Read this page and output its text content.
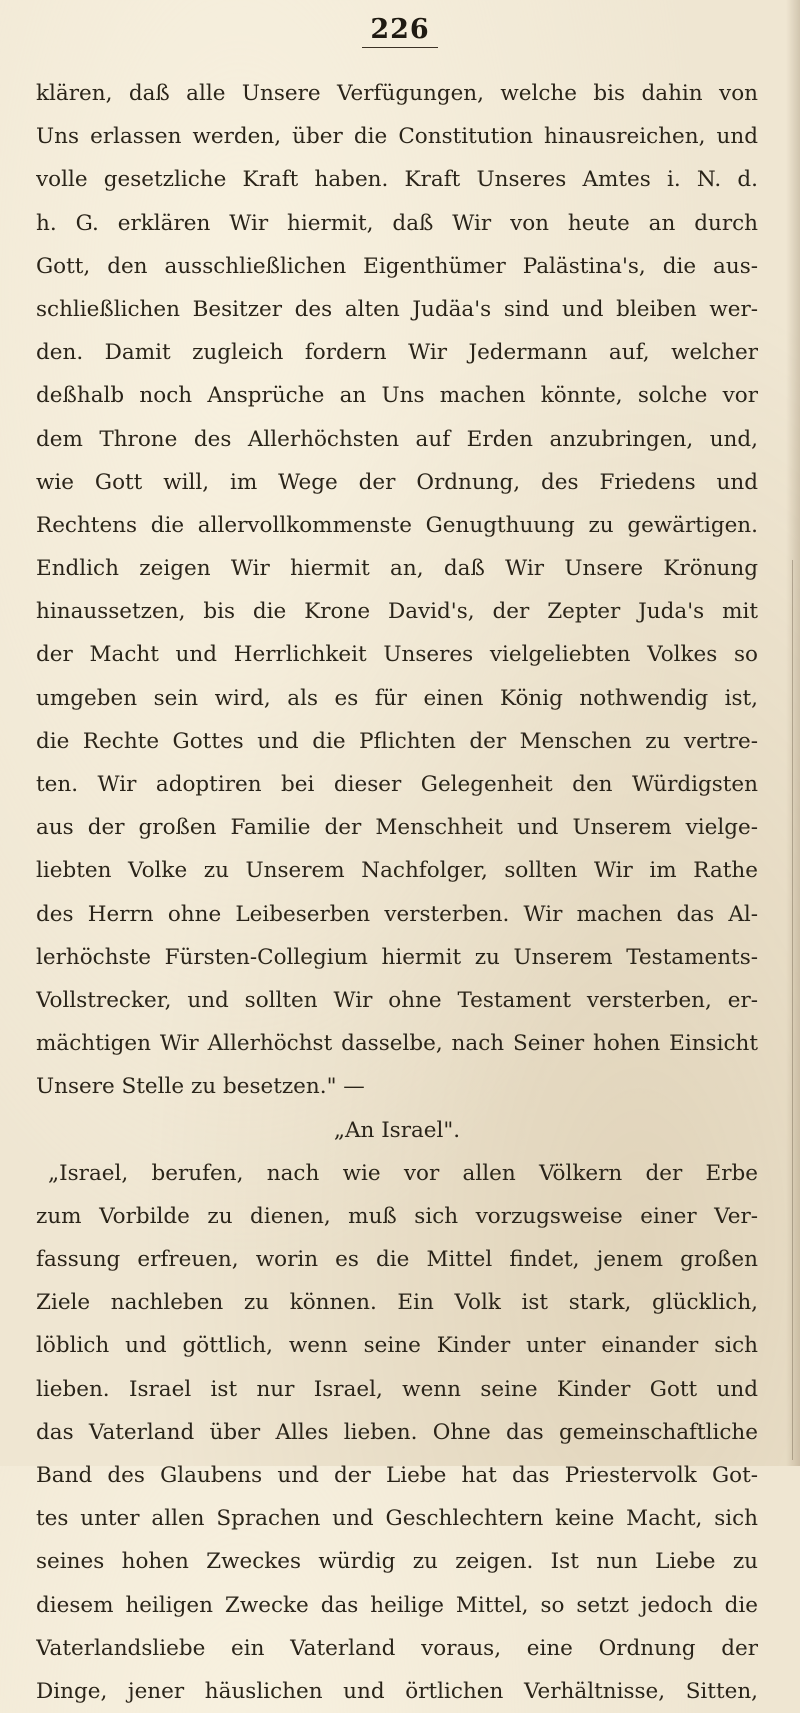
226
klären, daß alle Unsere Verfügungen, welche bis dahin von
Uns erlassen werden, über die Constitution hinausreichen, und
volle gesetzliche Kraft haben. Kraft Unseres Amtes i. N. d.
h. G. erklären Wir hiermit, daß Wir von heute an durch
Gott, den ausschließlichen Eigenthümer Palästina's, die aus-
schließlichen Besitzer des alten Judäa's sind und bleiben wer-
den. Damit zugleich fordern Wir Jedermann auf, welcher
deßhalb noch Ansprüche an Uns machen könnte, solche vor
dem Throne des Allerhöchsten auf Erden anzubringen, und,
wie Gott will, im Wege der Ordnung, des Friedens und
Rechtens die allervollkommenste Genugthuung zu gewärtigen.
Endlich zeigen Wir hiermit an, daß Wir Unsere Krönung
hinaussetzen, bis die Krone David's, der Zepter Juda's mit
der Macht und Herrlichkeit Unseres vielgeliebten Volkes so
umgeben sein wird, als es für einen König nothwendig ist,
die Rechte Gottes und die Pflichten der Menschen zu vertre-
ten. Wir adoptiren bei dieser Gelegenheit den Würdigsten
aus der großen Familie der Menschheit und Unserem vielge-
liebten Volke zu Unserem Nachfolger, sollten Wir im Rathe
des Herrn ohne Leibeserben versterben. Wir machen das Al-
lerhöchste Fürsten-Collegium hiermit zu Unserem Testaments-
Vollstrecker, und sollten Wir ohne Testament versterben, er-
mächtigen Wir Allerhöchst dasselbe, nach Seiner hohen Einsicht
Unsere Stelle zu besetzen." —
„An Israel".
„Israel, berufen, nach wie vor allen Völkern der Erbe
zum Vorbilde zu dienen, muß sich vorzugsweise einer Ver-
fassung erfreuen, worin es die Mittel findet, jenem großen
Ziele nachleben zu können. Ein Volk ist stark, glücklich,
löblich und göttlich, wenn seine Kinder unter einander sich
lieben. Israel ist nur Israel, wenn seine Kinder Gott und
das Vaterland über Alles lieben. Ohne das gemeinschaftliche
Band des Glaubens und der Liebe hat das Priestervolk Got-
tes unter allen Sprachen und Geschlechtern keine Macht, sich
seines hohen Zweckes würdig zu zeigen. Ist nun Liebe zu
diesem heiligen Zwecke das heilige Mittel, so setzt jedoch die
Vaterlandsliebe ein Vaterland voraus, eine Ordnung der
Dinge, jener häuslichen und örtlichen Verhältnisse, Sitten,
